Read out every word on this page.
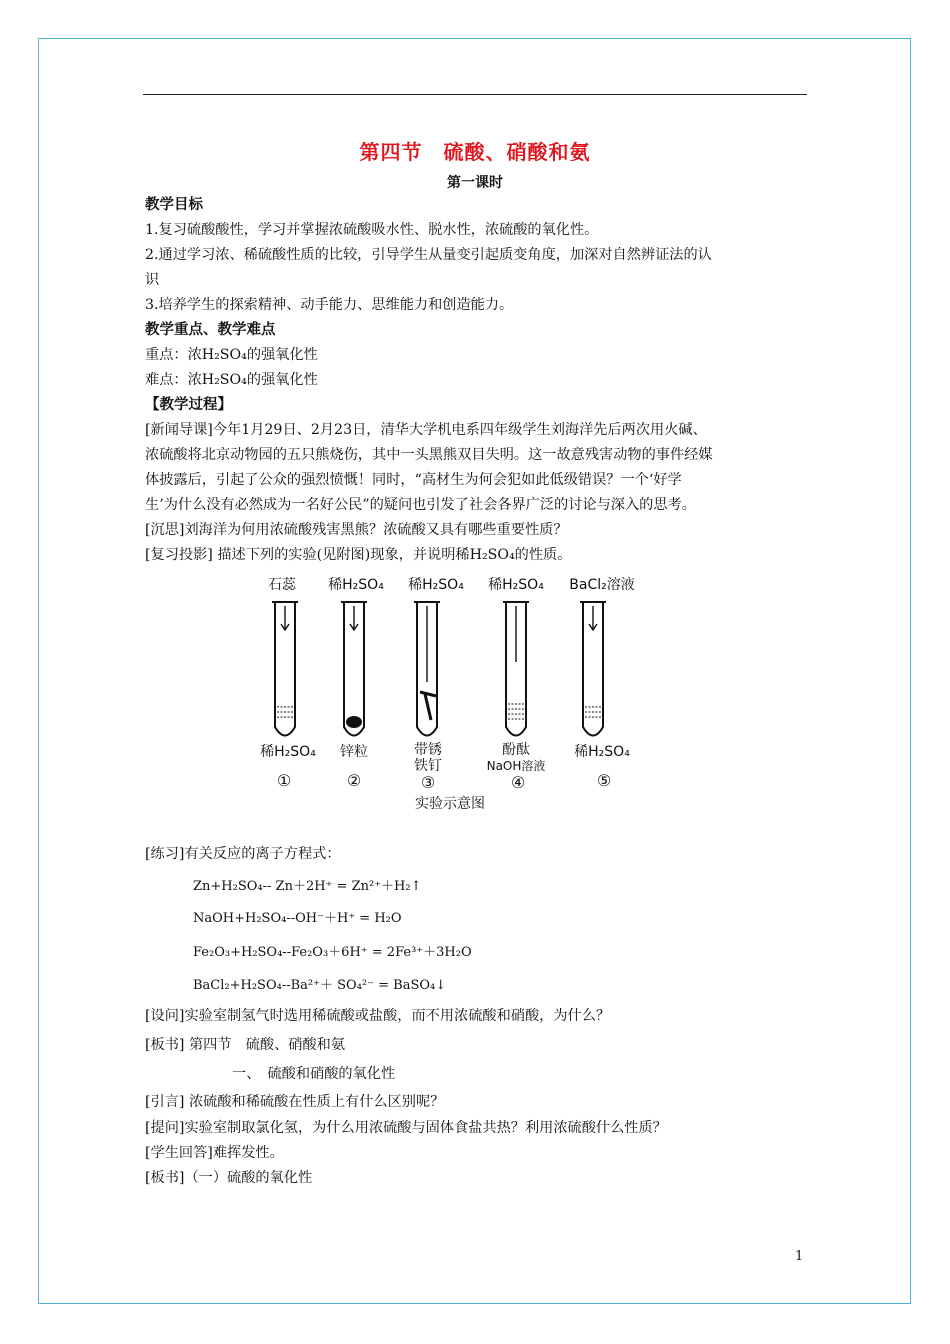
第四节　硫酸、硝酸和氨
第一课时
教学目标
1.复习硫酸酸性，学习并掌握浓硫酸吸水性、脱水性，浓硫酸的氧化性。
2.通过学习浓、稀硫酸性质的比较，引导学生从量变引起质变角度，加深对自然辨证法的认
识
3.培养学生的探索精神、动手能力、思维能力和创造能力。
教学重点、教学难点
重点：浓H₂SO₄的强氧化性
难点：浓H₂SO₄的强氧化性
【教学过程】
[新闻导课]今年1月29日、2月23日，清华大学机电系四年级学生刘海洋先后两次用火碱、
浓硫酸将北京动物园的五只熊烧伤，其中一头黑熊双目失明。这一故意残害动物的事件经媒
体披露后，引起了公众的强烈愤慨！同时，“高材生为何会犯如此低级错误？一个‘好学
生’为什么没有必然成为一名好公民”的疑问也引发了社会各界广泛的讨论与深入的思考。
[沉思]刘海洋为何用浓硫酸残害黑熊？浓硫酸又具有哪些重要性质？
[复习投影] 描述下列的实验(见附图)现象，并说明稀H₂SO₄的性质。
石蕊 稀H₂SO₄ 稀H₂SO₄ 稀H₂SO₄ BaCl₂溶液
稀H₂SO₄ 锌粒	带锈
铁钉
酚酞
NaOH溶液
稀H₂SO₄
①	②	③	④	⑤
实验示意图
[练习]有关反应的离子方程式：
Zn+H₂SO₄-- Zn＋2H⁺ = Zn²⁺＋H₂↑
NaOH+H₂SO₄--OH⁻＋H⁺ = H₂O
Fe₂O₃+H₂SO₄--Fe₂O₃＋6H⁺ = 2Fe³⁺＋3H₂O
BaCl₂+H₂SO₄--Ba²⁺＋ SO₄²⁻ = BaSO₄↓
[设问]实验室制氢气时选用稀硫酸或盐酸，而不用浓硫酸和硝酸，为什么？
[板书] 第四节　硫酸、硝酸和氨
一、　硫酸和硝酸的氧化性
[引言] 浓硫酸和稀硫酸在性质上有什么区别呢？
[提问]实验室制取氯化氢，为什么用浓硫酸与固体食盐共热？利用浓硫酸什么性质？
[学生回答]难挥发性。
[板书]（一）硫酸的氧化性
1
